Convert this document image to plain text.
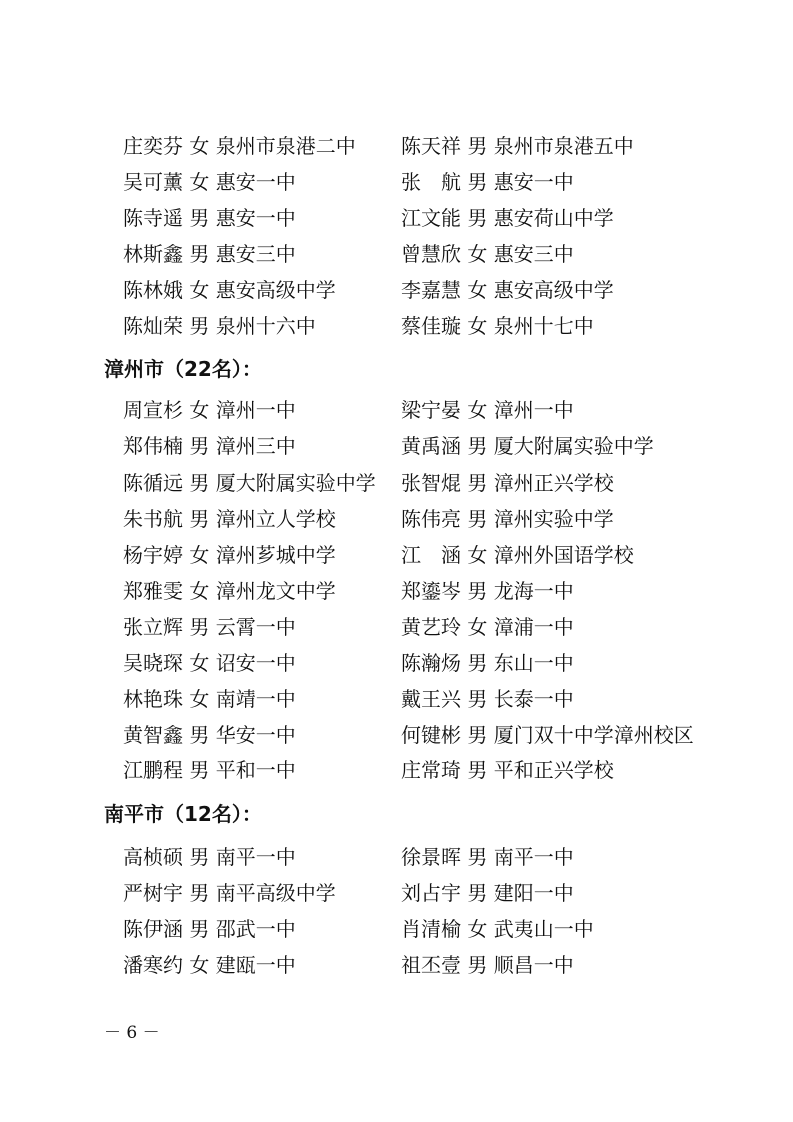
庄奕芬 女 泉州市泉港二中 陈天祥 男 泉州市泉港五中
吴可薰 女 惠安一中	张　航 男 惠安一中
陈寺遥 男 惠安一中	江文能 男 惠安荷山中学
林斯鑫 男 惠安三中	曾慧欣 女 惠安三中
陈林娥 女 惠安高级中学	李嘉慧 女 惠安高级中学
陈灿荣 男 泉州十六中	蔡佳璇 女 泉州十七中
漳州市（22名）：
周宣杉 女 漳州一中	梁宁晏 女 漳州一中
郑伟楠 男 漳州三中	黄禹涵 男 厦大附属实验中学
陈循远 男 厦大附属实验中学 张智焜 男 漳州正兴学校
朱书航 男 漳州立人学校	陈伟亮 男 漳州实验中学
杨宇婷 女 漳州芗城中学	江　涵 女 漳州外国语学校
郑雅雯 女 漳州龙文中学	郑鎏岑 男 龙海一中
张立辉 男 云霄一中	黄艺玲 女 漳浦一中
吴晓琛 女 诏安一中	陈瀚炀 男 东山一中
林艳珠 女 南靖一中	戴王兴 男 长泰一中
黄智鑫 男 华安一中	何键彬 男 厦门双十中学漳州校区
江鹏程 男 平和一中	庄常琦 男 平和正兴学校
南平市（12名）：
高桢硕 男 南平一中	徐景晖 男 南平一中
严树宇 男 南平高级中学	刘占宇 男 建阳一中
陈伊涵 男 邵武一中	肖清榆 女 武夷山一中
潘寒约 女 建瓯一中	祖丕壹 男 顺昌一中
－ 6 －
